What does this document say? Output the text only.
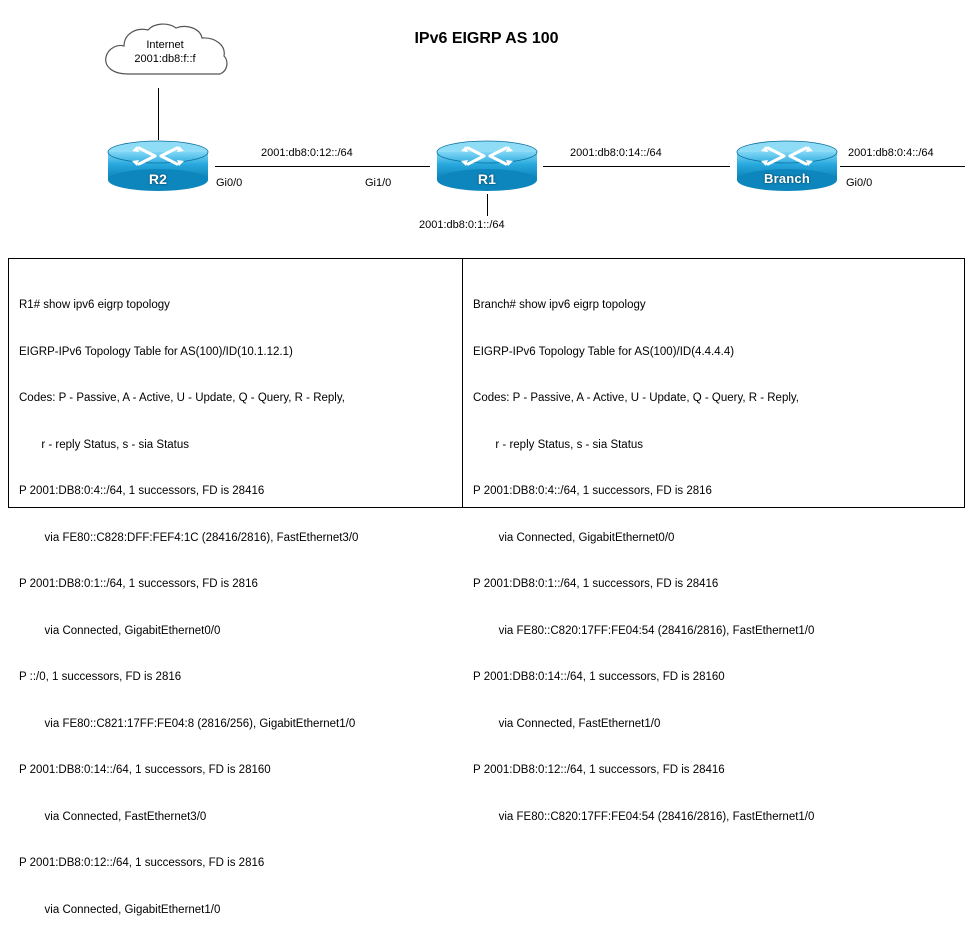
IPv6 EIGRP AS 100
Internet
2001:db8:f::f
R2	R1	Branch
2001:db8:0:12::/64	2001:db8:0:14::/64	2001:db8:0:4::/64
2001:db8:0:1::/64
Gi0/0	Gi1/0	Gi0/0

R1# show ipv6 eigrp topology

EIGRP-IPv6 Topology Table for AS(100)/ID(10.1.12.1)

Codes: P - Passive, A - Active, U - Update, Q - Query, R - Reply,

r - reply Status, s - sia Status

P 2001:DB8:0:4::/64, 1 successors, FD is 28416

via FE80::C828:DFF:FEF4:1C (28416/2816), FastEthernet3/0

P 2001:DB8:0:1::/64, 1 successors, FD is 2816

via Connected, GigabitEthernet0/0

P ::/0, 1 successors, FD is 2816

via FE80::C821:17FF:FE04:8 (2816/256), GigabitEthernet1/0

P 2001:DB8:0:14::/64, 1 successors, FD is 28160

via Connected, FastEthernet3/0

P 2001:DB8:0:12::/64, 1 successors, FD is 2816

via Connected, GigabitEthernet1/0

Branch# show ipv6 eigrp topology

EIGRP-IPv6 Topology Table for AS(100)/ID(4.4.4.4)

Codes: P - Passive, A - Active, U - Update, Q - Query, R - Reply,

r - reply Status, s - sia Status

P 2001:DB8:0:4::/64, 1 successors, FD is 2816

via Connected, GigabitEthernet0/0

P 2001:DB8:0:1::/64, 1 successors, FD is 28416

via FE80::C820:17FF:FE04:54 (28416/2816), FastEthernet1/0

P 2001:DB8:0:14::/64, 1 successors, FD is 28160

via Connected, FastEthernet1/0

P 2001:DB8:0:12::/64, 1 successors, FD is 28416

via FE80::C820:17FF:FE04:54 (28416/2816), FastEthernet1/0
